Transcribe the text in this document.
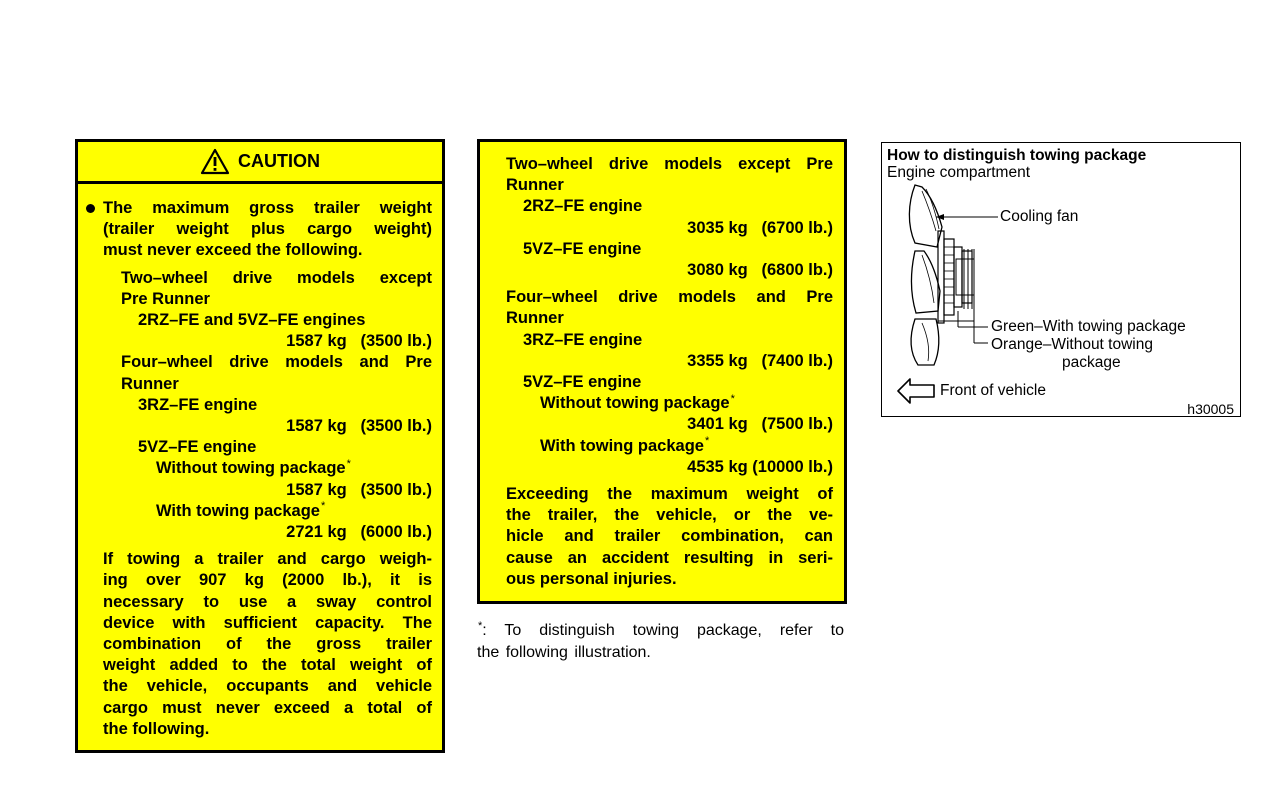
CAUTION
The maximum gross trailer weight
(trailer weight plus cargo weight)
must never exceed the following.
Two–wheel drive models except
Pre Runner
2RZ–FE and 5VZ–FE engines
1587 kg   (3500 lb.)
Four–wheel drive models and Pre
Runner
3RZ–FE engine
1587 kg   (3500 lb.)
5VZ–FE engine
Without towing package*
1587 kg   (3500 lb.)
With towing package*
2721 kg   (6000 lb.)
If towing a trailer and cargo weigh-
ing over 907 kg (2000 lb.), it is
necessary to use a sway control
device with sufficient capacity. The
combination of the gross trailer
weight added to the total weight of
the vehicle, occupants and vehicle
cargo must never exceed a total of
the following.
Two–wheel drive models except Pre
Runner
2RZ–FE engine
3035 kg   (6700 lb.)
5VZ–FE engine
3080 kg   (6800 lb.)
Four–wheel drive models and Pre
Runner
3RZ–FE engine
3355 kg   (7400 lb.)
5VZ–FE engine
Without towing package*
3401 kg   (7500 lb.)
With towing package*
4535 kg (10000 lb.)
Exceeding the maximum weight of
the trailer, the vehicle, or the ve-
hicle and trailer combination, can
cause an accident resulting in seri-
ous personal injuries.
*: To distinguish towing package, refer to
the following illustration.
How to distinguish towing package
Engine compartment
Cooling fan
Green–With towing package
Orange–Without towing
package
Front of vehicle
h30005
